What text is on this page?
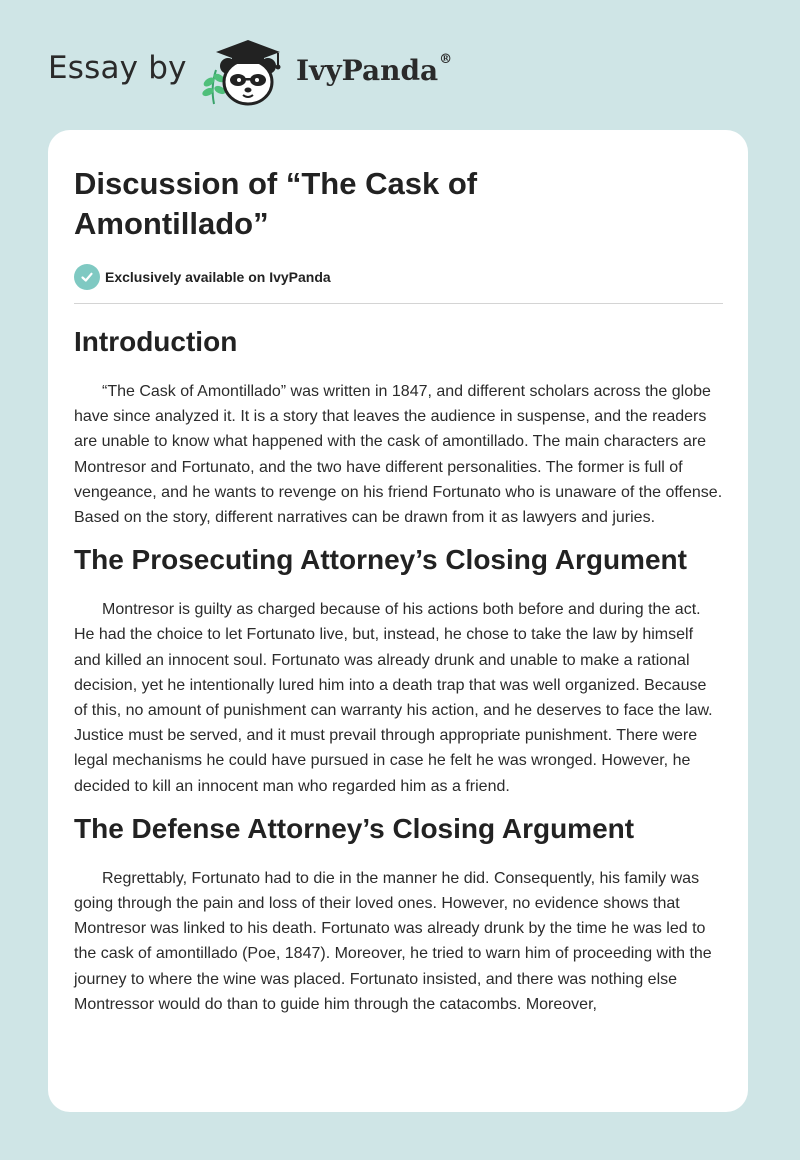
Essay by	IvyPanda®
Discussion of “The Cask of Amontillado”
Exclusively available on IvyPanda
Introduction

“The Cask of Amontillado” was written in 1847, and different scholars across the globe have since analyzed it. It is a story that leaves the audience in suspense, and the readers are unable to know what happened with the cask of amontillado. The main characters are Montresor and Fortunato, and the two have different personalities. The former is full of vengeance, and he wants to revenge on his friend Fortunato who is unaware of the offense. Based on the story, different narratives can be drawn from it as lawyers and juries.

The Prosecuting Attorney’s Closing Argument

Montresor is guilty as charged because of his actions both before and during the act. He had the choice to let Fortunato live, but, instead, he chose to take the law by himself and killed an innocent soul. Fortunato was already drunk and unable to make a rational decision, yet he intentionally lured him into a death trap that was well organized. Because of this, no amount of punishment can warranty his action, and he deserves to face the law. Justice must be served, and it must prevail through appropriate punishment. There were legal mechanisms he could have pursued in case he felt he was wronged. However, he decided to kill an innocent man who regarded him as a friend.

The Defense Attorney’s Closing Argument

Regrettably, Fortunato had to die in the manner he did. Consequently, his family was going through the pain and loss of their loved ones. However, no evidence shows that Montresor was linked to his death. Fortunato was already drunk by the time he was led to the cask of amontillado (Poe, 1847). Moreover, he tried to warn him of proceeding with the journey to where the wine was placed. Fortunato insisted, and there was nothing else Montressor would do than to guide him through the catacombs. Moreover,
